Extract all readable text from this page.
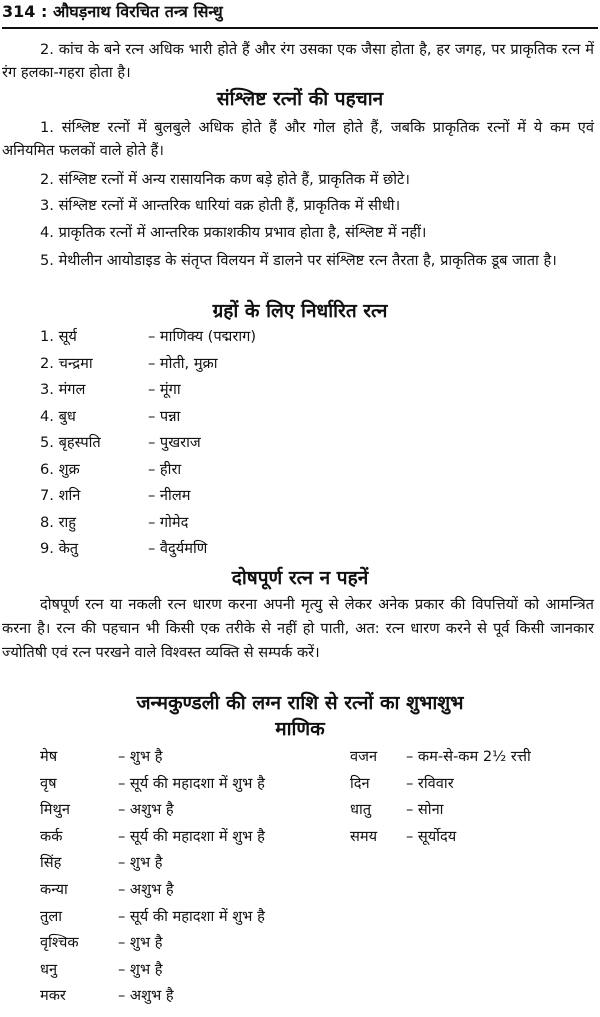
314 : औघड़नाथ विरचित तन्त्र सिन्धु
2. कांच के बने रत्न अधिक भारी होते हैं और रंग उसका एक जैसा होता है, हर जगह, पर प्राकृतिक रत्न में रंग हलका-गहरा होता है।
संश्लिष्ट रत्नों की पहचान
1. संश्लिष्ट रत्नों में बुलबुले अधिक होते हैं और गोल होते हैं, जबकि प्राकृतिक रत्नों में ये कम एवं अनियमित फलकों वाले होते हैं।
2. संश्लिष्ट रत्नों में अन्य रासायनिक कण बड़े होते हैं, प्राकृतिक में छोटे।
3. संश्लिष्ट रत्नों में आन्तरिक धारियां वक्र होती हैं, प्राकृतिक में सीधी।
4. प्राकृतिक रत्नों में आन्तरिक प्रकाशकीय प्रभाव होता है, संश्लिष्ट में नहीं।
5. मेथीलीन आयोडाइड के संतृप्त विलयन में डालने पर संश्लिष्ट रत्न तैरता है, प्राकृतिक डूब जाता है।
ग्रहों के लिए निर्धारित रत्न
1. सूर्य	– माणिक्य (पद्मराग)
2. चन्द्रमा	– मोती, मुक्रा
3. मंगल	– मूंगा
4. बुध	– पन्ना
5. बृहस्पति	– पुखराज
6. शुक्र	– हीरा
7. शनि	– नीलम
8. राहु	– गोमेद
9. केतु	– वैदुर्यमणि
दोषपूर्ण रत्न न पहनें
दोषपूर्ण रत्न या नकली रत्न धारण करना अपनी मृत्यु से लेकर अनेक प्रकार की विपत्तियों को आमन्त्रित करना है। रत्न की पहचान भी किसी एक तरीके से नहीं हो पाती, अत: रत्न धारण करने से पूर्व किसी जानकार ज्योतिषी एवं रत्न परखने वाले विश्वस्त व्यक्ति से सम्पर्क करें।
जन्मकुण्डली की लग्न राशि से रत्नों का शुभाशुभ
माणिक
मेष	– शुभ है
वृष	– सूर्य की महादशा में शुभ है
मिथुन	– अशुभ है
कर्क	– सूर्य की महादशा में शुभ है
सिंह	– शुभ है
कन्या	– अशुभ है
तुला	– सूर्य की महादशा में शुभ है
वृश्चिक	– शुभ है
धनु	– शुभ है
मकर	– अशुभ है
वजन – कम-से-कम 2½ रत्ती
दिन – रविवार
धातु – सोना
समय – सूर्योदय
